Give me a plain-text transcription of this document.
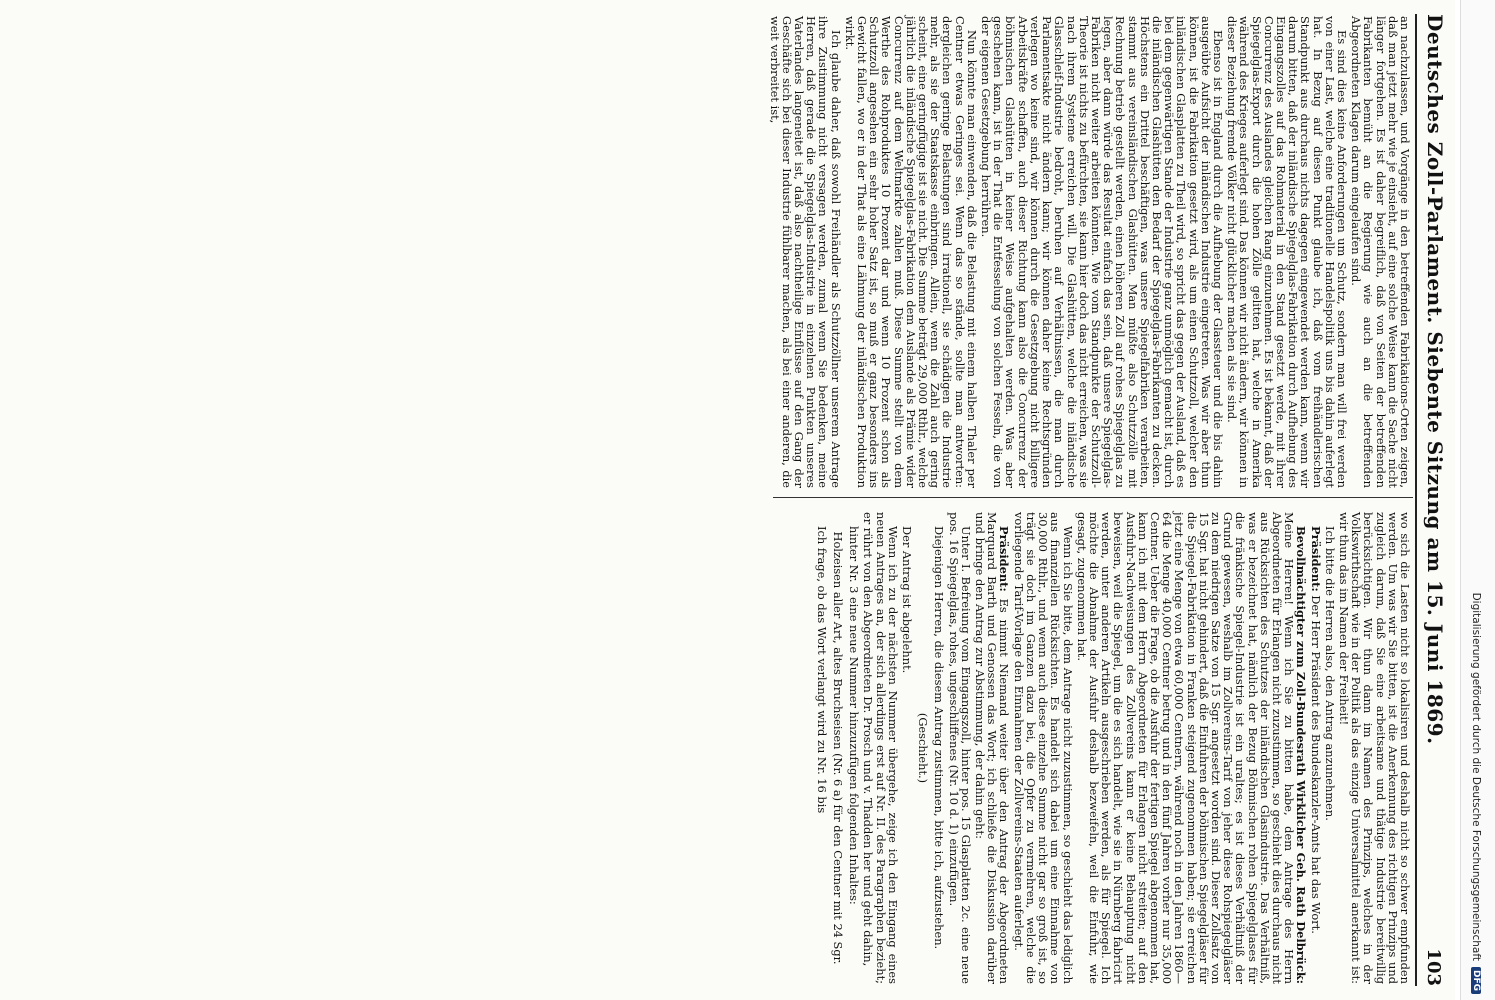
Deutsches Zoll-Parlament. Siebente Sitzung am 15. Juni 1869.
103

an nachzulassen, und Vorgänge in den betreffenden Fabrikations-Orten zeigen, daß man jetzt mehr wie je einsieht, auf eine solche Weise kann die Sache nicht länger fortgehen. Es ist daher begreiflich, daß von Seiten der betreffenden Fabrikanten bemüht an die Regierung wie auch an die betreffenden Abgeordneten Klagen darum eingelaufen sind.

Es sind dies keine Anforderungen um Schutz, sondern man will frei werden von einer Last, welche eine traditionelle Handelspolitik uns bis dahin auferlegt hat. In Bezug auf diesen Punkt glaube ich, daß vom freihändlerischen Standpunkt aus durchaus nichts dagegen eingewendet werden kann, wenn wir darum bitten, daß der inländische Spiegelglas-Fabrikation durch Aufhebung des Eingangszolles auf das Rohmaterial in den Stand gesetzt werde, mit ihrer Concurrenz des Auslandes gleichen Rang einzunehmen. Es ist bekannt, daß der Spiegelglas-Export durch die hohen Zölle gelitten hat, welche in Amerika während des Krieges auferlegt sind. Das können wir nicht ändern, wir können in dieser Beziehung fremde Völker nicht glücklicher machen als sie sind.

Ebenso ist in England durch die Aufhebung der Glassteuer und die bis dahin ausgeübte Aufsicht der inländischen Industrie eingetreten. Was wir aber thun können, ist die Fabrikation gesetzt wird, als um einen Schutzzoll, welcher den inländischen Glasplatten zu Theil wird, so spricht das gegen der Ausland, daß es bei dem gegenwärtigen Stande der Industrie ganz unmöglich gemacht ist, durch die inländischen Glashütten den Bedarf der Spiegelglas-Fabrikanten zu decken. Höchstens ein Drittel beschäftigen, was unsere Spiegelfabriken verarbeiten, stammt aus vereinsländischen Glashütten. Man müßte also Schutzzölle mit Rechnung betrieb gestellt werden, einen höheren Zoll auf rohes Spiegelglas zu legen, aber dann würde das Resultat einfach das sein, daß unsere Spiegelglas-Fabriken nicht weiter arbeiten könnten. Wie vom Standpunkte der Schutzzoll-Theorie ist nichts zu befürchten, sie kann hier doch das nicht erreichen, was sie nach ihrem Systeme erreichen will. Die Glashütten, welche die inländische Glasschleif-Industrie bedroht, beruhen auf Verhältnissen, die man durch Parlamentsakte nicht ändern kann; wir können daher keine Rechtsgründen verlegen wo keine sind, wir können durch die Gesetzgebung nicht billigere Arbeitskräfte schaffen, auch dieser Richtung kann also die Concurrenz der böhmischen Glashütten in keiner Weise aufgehalten werden. Was aber geschehen kann, ist in der That die Entfesselung von solchen Fesseln, die von der eigenen Gesetzgebung herrühren.

Nun könnte man einwenden, daß die Belastung mit einem halben Thaler per Centner etwas Geringes sei. Wenn das so stände, sollte man antworten: dergleichen geringe Belastungen sind irrationell, sie schädigen die Industrie mehr, als sie der Staatskasse einbringen. Allein, wenn die Zahl auch gering scheint, eine geringfügige ist sie nicht. Die Summe beträgt 29,000 Rthlr., welche jährlich die inländische Spiegelglas-Fabrikation dem Auslande als Prämie wider Concurrenz auf dem Weltmarkte zahlen muß. Diese Summe stellt von dem Werthe des Rohproduktes 10 Prozent dar und wenn 10 Prozent schon als Schutzzoll angesehen ein sehr hoher Satz ist, so muß er ganz besonders ins Gewicht fallen, wo er in der That als eine Lähmung der inländischen Produktion wirkt.

Ich glaube daher, daß sowohl Freihändler als Schutzzöllner unserem Antrage ihre Zustimmung nicht versagen werden, zumal wenn Sie bedenken, meine Herren, daß gerade die Spiegelglas-Industrie in einzelnen Punkten unseres Vaterlandes langeneitet ist, daß also nachtheilige Einflüsse auf den Gang der Geschäfte sich bei dieser Industrie fühlbarer machen, als bei einer anderen, die weit verbreitet ist,

wo sich die Lasten nicht so lokalisiren und deshalb nicht so schwer empfunden werden. Um was wir Sie bitten, ist die Anerkennung des richtigen Prinzips und zugleich darum, daß Sie eine arbeitsame und thätige Industrie bereitwillig berücksichtigen. Wir thun dann im Namen des Prinzips, welches in der Volkswirthschaft wie in der Politik als das einzige Universalmittel anerkannt ist: wir thun das im Namen der Freiheit!

Ich bitte die Herren also, den Antrag anzunehmen.

Präsident: Der Herr Präsident des Bundeskanzler-Amts hat das Wort.

Bevollmächtigter zum Zoll-Bundesrath Wirklicher Geh. Rath Delbrück: Meine Herren! Wenn ich Sie zu bitten habe, dem Antrage des Herrn Abgeordneten für Erlangen nicht zuzustimmen, so geschieht dies durchaus nicht aus Rücksichten des Schutzes der inländischen Glasindustrie. Das Verhältniß, was er bezeichnet hat, nämlich der Bezug Böhmischen rohen Spiegelglases für die fränkische Spiegel-Industrie ist ein uraltes; es ist dieses Verhältniß der Grund gewesen, weshalb im Zollvereins-Tarif von jeher diese Rohspiegelgläser zu dem niedrigen Satze von 15 Sgr. angesetzt worden sind. Dieser Zollsatz von 15 Sgr. hat nicht gehindert, daß die Einfuhren der böhmischen Spiegelgläser für die Spiegel-Fabrikation in Franken steigend zugenommen haben; sie erreichen jetzt eine Menge von etwa 60,000 Centnern, während noch in den Jahren 1860—64 die Menge 40,000 Centner betrug und in den fünf Jahren vorher nur 35,000 Centner. Ueber die Frage, ob die Ausfuhr der fertigen Spiegel abgenommen hat, kann ich mit dem Herrn Abgeordneten für Erlangen nicht streiten; auf den Ausfuhr-Nachweisungen des Zollvereins kann er keine Behauptung nicht beweisen, weil die Spiegel, um die es sich handelt, wie sie in Nürnberg fabricirt werden, unter anderen Artikeln ausgeschrieben werden, als für Spiegel. Ich möchte die Abnahme der Ausfuhr deshalb bezweifeln, weil die Einfuhr, wie gesagt, zugenommen hat.

Wenn ich Sie bitte, dem Antrage nicht zuzustimmen, so geschieht das lediglich aus finanziellen Rücksichten. Es handelt sich dabei um eine Einnahme von 30,000 Rthlr., und wenn auch diese einzelne Summe nicht gar so groß ist, so trägt sie doch im Ganzen dazu bei, die Opfer zu vermehren, welche die vorliegende Tarif-Vorlage den Einnahmen der Zollvereins-Staaten auferlegt.

Präsident: Es nimmt Niemand weiter über den Antrag der Abgeordneten Marquard Barth und Genossen das Wort; ich schließe die Diskussion darüber und bringe den Antrag zur Abstimmung, der dahin geht:

Unter I. Befreiung vom Eingangszoll, hinter pos. 15 Glasplatten 2c. eine neue pos. 16 Spiegelglas, rohes, ungeschliffenes (Nr. 10 d. 1) einzufügen.

Diejenigen Herren, die diesem Antrag zustimmen, bitte ich, aufzustehen.

(Geschieht.)

Der Antrag ist abgelehnt.

Wenn ich zu der nächsten Nummer übergehe, zeige ich den Eingang eines neuen Antrages an, der sich allerdings erst auf Nr. II. des Paragraphen bezieht; er rührt von den Abgeordneten Dr. Prosch und v. Thadden her und geht dahin,

hinter Nr. 3 eine neue Nummer hinzuzufügen folgenden Inhaltes:

Holzeisen aller Art, altes Bruchseisen (Nr. 6 a) für den Centner mit 24 Sgr.

Ich frage, ob das Wort verlangt wird zu Nr. 16 bis	Digitalisierung gefördert durch die Deutsche Forschungsgemeinschaft
DFG
